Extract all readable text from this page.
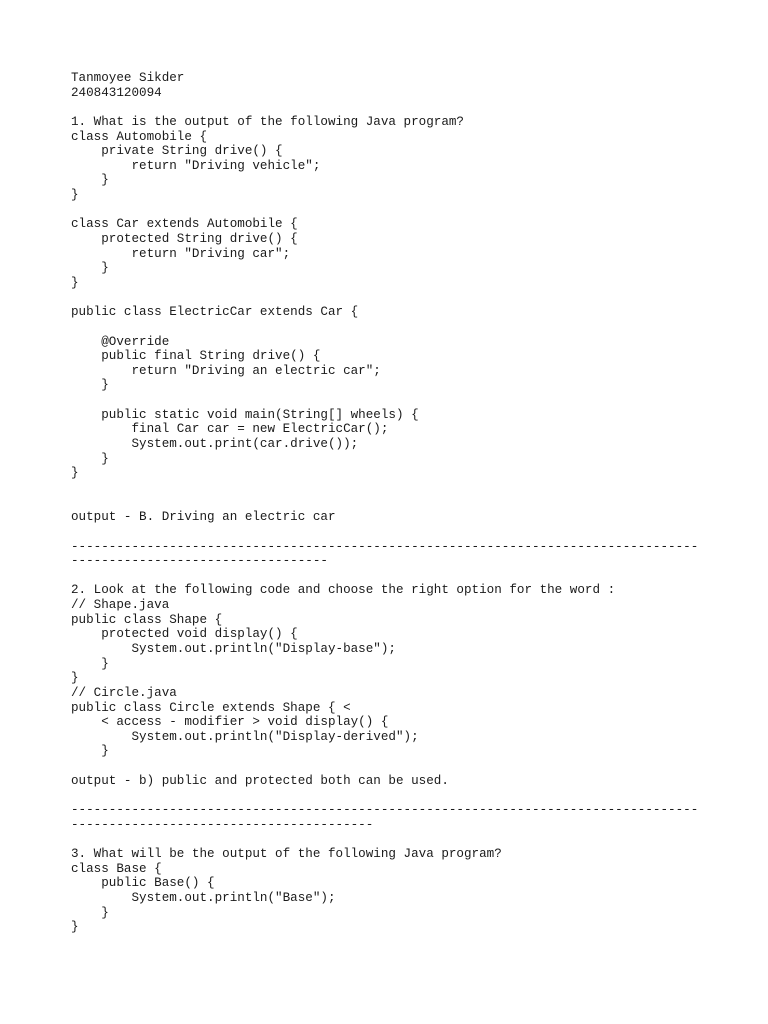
Tanmoyee Sikder
240843120094
1. What is the output of the following Java program?
class Automobile {
private String drive() {
return "Driving vehicle";
}
}
class Car extends Automobile {
protected String drive() {
return "Driving car";
}
}
public class ElectricCar extends Car {
@Override
public final String drive() {
return "Driving an electric car";
}
public static void main(String[] wheels) {
final Car car = new ElectricCar();
System.out.print(car.drive());
}
}
output - B. Driving an electric car
-----------------------------------------------------------------------------------
----------------------------------
2. Look at the following code and choose the right option for the word :
// Shape.java
public class Shape {
protected void display() {
System.out.println("Display-base");
}
}
// Circle.java
public class Circle extends Shape { <
< access - modifier > void display() {
System.out.println("Display-derived");
}
output - b) public and protected both can be used.
-----------------------------------------------------------------------------------
----------------------------------------
3. What will be the output of the following Java program?
class Base {
public Base() {
System.out.println("Base");
}
}
